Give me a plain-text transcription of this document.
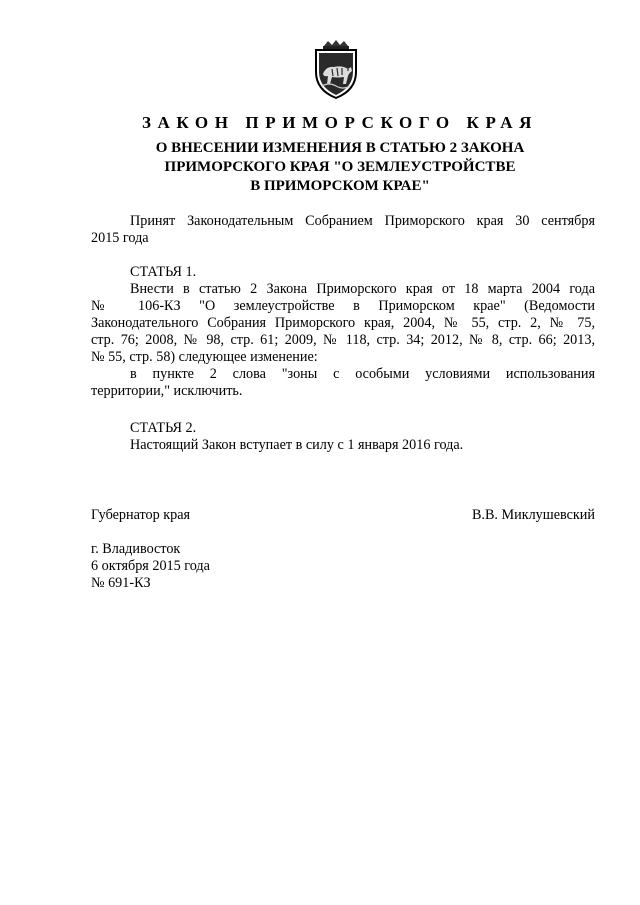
ЗАКОН ПРИМОРСКОГО КРАЯ
О ВНЕСЕНИИ ИЗМЕНЕНИЯ В СТАТЬЮ 2 ЗАКОНА
ПРИМОРСКОГО КРАЯ "О ЗЕМЛЕУСТРОЙСТВЕ
В ПРИМОРСКОМ КРАЕ"
Принят Законодательным Собранием Приморского края 30 сентября
2015 года
СТАТЬЯ 1.
Внести в статью 2 Закона Приморского края от 18 марта 2004 года
№ 106-КЗ "О землеустройстве в Приморском крае" (Ведомости
Законодательного Собрания Приморского края, 2004, № 55, стр. 2, № 75,
стр. 76; 2008, № 98, стр. 61; 2009, № 118, стр. 34; 2012, № 8, стр. 66; 2013,
№ 55, стр. 58) следующее изменение:
в пункте 2 слова "зоны с особыми условиями использования
территории," исключить.
СТАТЬЯ 2.
Настоящий Закон вступает в силу с 1 января 2016 года.
Губернатор края	В.В. Миклушевский
г. Владивосток
6 октября 2015 года
№ 691-КЗ
